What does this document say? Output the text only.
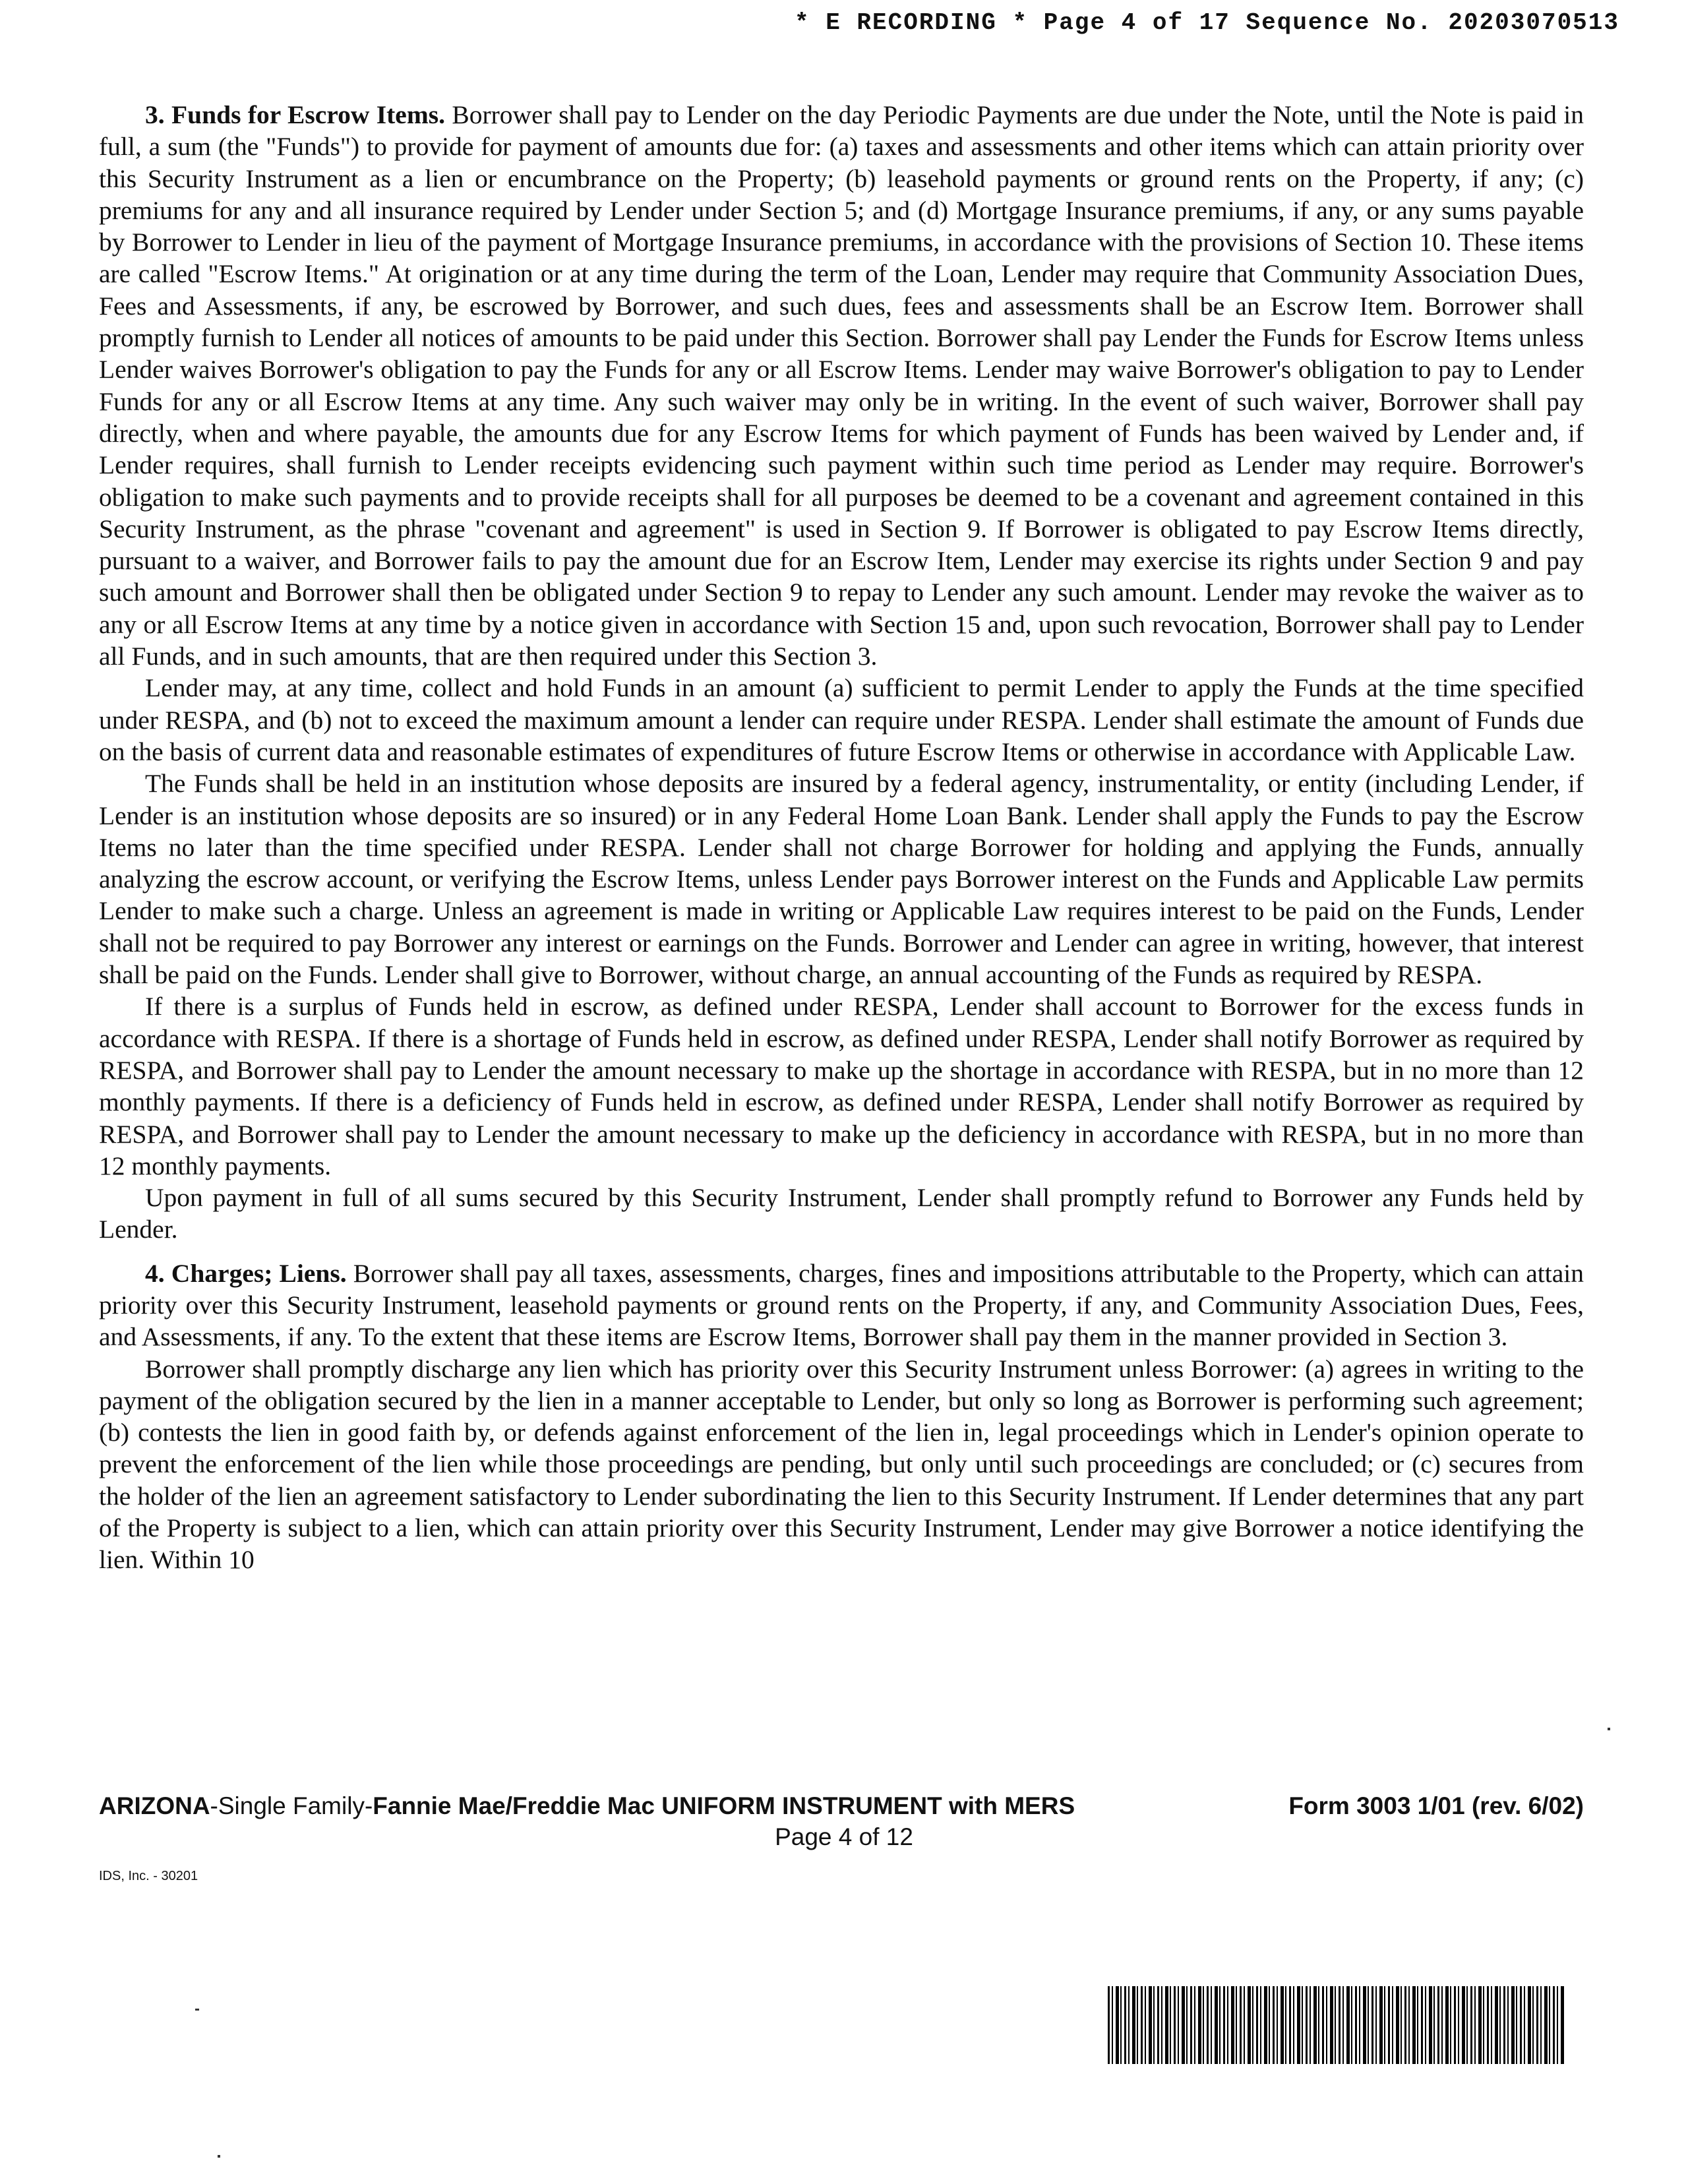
* E RECORDING * Page 4 of 17 Sequence No. 20203070513

3. Funds for Escrow Items. Borrower shall pay to Lender on the day Periodic Payments are due under the Note, until the Note is paid in full, a sum (the "Funds") to provide for payment of amounts due for: (a) taxes and assessments and other items which can attain priority over this Security Instrument as a lien or encumbrance on the Property; (b) leasehold payments or ground rents on the Property, if any; (c) premiums for any and all insurance required by Lender under Section 5; and (d) Mortgage Insurance premiums, if any, or any sums payable by Borrower to Lender in lieu of the payment of Mortgage Insurance premiums, in accordance with the provisions of Section 10. These items are called "Escrow Items." At origination or at any time during the term of the Loan, Lender may require that Community Association Dues, Fees and Assessments, if any, be escrowed by Borrower, and such dues, fees and assessments shall be an Escrow Item. Borrower shall promptly furnish to Lender all notices of amounts to be paid under this Section. Borrower shall pay Lender the Funds for Escrow Items unless Lender waives Borrower's obligation to pay the Funds for any or all Escrow Items. Lender may waive Borrower's obligation to pay to Lender Funds for any or all Escrow Items at any time. Any such waiver may only be in writing. In the event of such waiver, Borrower shall pay directly, when and where payable, the amounts due for any Escrow Items for which payment of Funds has been waived by Lender and, if Lender requires, shall furnish to Lender receipts evidencing such payment within such time period as Lender may require. Borrower's obligation to make such payments and to provide receipts shall for all purposes be deemed to be a covenant and agreement contained in this Security Instrument, as the phrase "covenant and agreement" is used in Section 9. If Borrower is obligated to pay Escrow Items directly, pursuant to a waiver, and Borrower fails to pay the amount due for an Escrow Item, Lender may exercise its rights under Section 9 and pay such amount and Borrower shall then be obligated under Section 9 to repay to Lender any such amount. Lender may revoke the waiver as to any or all Escrow Items at any time by a notice given in accordance with Section 15 and, upon such revocation, Borrower shall pay to Lender all Funds, and in such amounts, that are then required under this Section 3.

Lender may, at any time, collect and hold Funds in an amount (a) sufficient to permit Lender to apply the Funds at the time specified under RESPA, and (b) not to exceed the maximum amount a lender can require under RESPA. Lender shall estimate the amount of Funds due on the basis of current data and reasonable estimates of expenditures of future Escrow Items or otherwise in accordance with Applicable Law.

The Funds shall be held in an institution whose deposits are insured by a federal agency, instrumentality, or entity (including Lender, if Lender is an institution whose deposits are so insured) or in any Federal Home Loan Bank. Lender shall apply the Funds to pay the Escrow Items no later than the time specified under RESPA. Lender shall not charge Borrower for holding and applying the Funds, annually analyzing the escrow account, or verifying the Escrow Items, unless Lender pays Borrower interest on the Funds and Applicable Law permits Lender to make such a charge. Unless an agreement is made in writing or Applicable Law requires interest to be paid on the Funds, Lender shall not be required to pay Borrower any interest or earnings on the Funds. Borrower and Lender can agree in writing, however, that interest shall be paid on the Funds. Lender shall give to Borrower, without charge, an annual accounting of the Funds as required by RESPA.

If there is a surplus of Funds held in escrow, as defined under RESPA, Lender shall account to Borrower for the excess funds in accordance with RESPA. If there is a shortage of Funds held in escrow, as defined under RESPA, Lender shall notify Borrower as required by RESPA, and Borrower shall pay to Lender the amount necessary to make up the shortage in accordance with RESPA, but in no more than 12 monthly payments. If there is a deficiency of Funds held in escrow, as defined under RESPA, Lender shall notify Borrower as required by RESPA, and Borrower shall pay to Lender the amount necessary to make up the deficiency in accordance with RESPA, but in no more than 12 monthly payments.

Upon payment in full of all sums secured by this Security Instrument, Lender shall promptly refund to Borrower any Funds held by Lender.

4. Charges; Liens. Borrower shall pay all taxes, assessments, charges, fines and impositions attributable to the Property, which can attain priority over this Security Instrument, leasehold payments or ground rents on the Property, if any, and Community Association Dues, Fees, and Assessments, if any. To the extent that these items are Escrow Items, Borrower shall pay them in the manner provided in Section 3.

Borrower shall promptly discharge any lien which has priority over this Security Instrument unless Borrower: (a) agrees in writing to the payment of the obligation secured by the lien in a manner acceptable to Lender, but only so long as Borrower is performing such agreement; (b) contests the lien in good faith by, or defends against enforcement of the lien in, legal proceedings which in Lender's opinion operate to prevent the enforcement of the lien while those proceedings are pending, but only until such proceedings are concluded; or (c) secures from the holder of the lien an agreement satisfactory to Lender subordinating the lien to this Security Instrument. If Lender determines that any part of the Property is subject to a lien, which can attain priority over this Security Instrument, Lender may give Borrower a notice identifying the lien. Within 10

ARIZONA-Single Family-Fannie Mae/Freddie Mac UNIFORM INSTRUMENT with MERS	Form 3003 1/01 (rev. 6/02)
Page 4 of 12
IDS, Inc. - 30201
